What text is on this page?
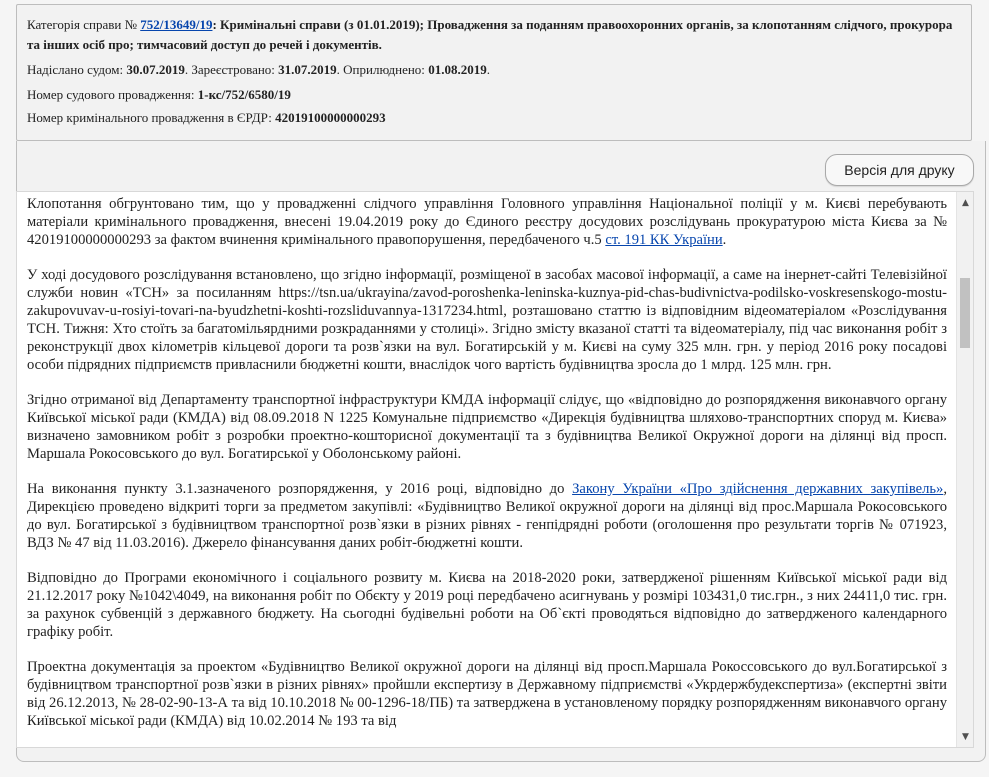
Категорія справи № 752/13649/19: Кримінальні справи (з 01.01.2019); Провадження за поданням правоохоронних органів, за клопотанням слідчого, прокурора та інших осіб про; тимчасовий доступ до речей і документів.
Надіслано судом: 30.07.2019. Зареєстровано: 31.07.2019. Оприлюднено: 01.08.2019.
Номер судового провадження: 1-кс/752/6580/19
Номер кримінального провадження в ЄРДР: 42019100000000293
Версія для друку

Клопотання обгрунтовано тим, що у провадженні слідчого управління Головного управління Національної поліції у м. Києві перебувають матеріали кримінального провадження, внесені 19.04.2019 року до Єдиного реєстру досудових розслідувань прокуратурою міста Києва за № 42019100000000293 за фактом вчинення кримінального правопорушення, передбаченого ч.5 ст. 191 КК України.

У ході досудового розслідування встановлено, що згідно інформації, розміщеної в засобах масової інформації, а саме на інернет-сайті Телевізійної служби новин «ТСН» за посиланням https://tsn.ua/ukrayina/zavod-poroshenka-leninska-kuznya-pid-chas-budivnictva-podilsko-voskresenskogo-mostu-zakupovuvav-u-rosiyi-tovari-na-byudzhetni-koshti-rozsliduvannya-1317234.html, розташовано статтю із відповідним відеоматеріалом «Розслідування ТСН. Тижня: Хто стоїть за багатомільярдними розкраданнями у столиці». Згідно змісту вказаної статті та відеоматеріалу, під час виконання робіт з реконструкції двох кілометрів кільцевої дороги та розв`язки на вул. Богатирській у м. Києві на суму 325 млн. грн. у період 2016 року посадові особи підрядних підприємств привласнили бюджетні кошти, внаслідок чого вартість будівництва зросла до 1 млрд. 125 млн. грн.

Згідно отриманої від Департаменту транспортної інфраструктури КМДА інформації слідує, що «відповідно до розпорядження виконавчого органу Київської міської ради (КМДА) від 08.09.2018 N 1225 Комунальне підприємство «Дирекція будівництва шляхово-транспортних споруд м. Києва» визначено замовником робіт з розробки проектно-кошторисної документації та з будівництва Великої Окружної дороги на ділянці від просп. Маршала Рокосовського до вул. Богатирської у Оболонському районі.

На виконання пункту 3.1.зазначеного розпорядження, у 2016 році, відповідно до Закону України «Про здійснення державних закупівель», Дирекцією проведено відкриті торги за предметом закупівлі: «Будівництво Великої окружної дороги на ділянці від прос.Маршала Рокосовського до вул. Богатирської з будівництвом транспортної розв`язки в різних рівнях - генпідрядні роботи (оголошення про результати торгів № 071923, ВДЗ № 47 від 11.03.2016). Джерело фінансування даних робіт-бюджетні кошти.

Відповідно до Програми економічного і соціального розвиту м. Києва на 2018-2020 роки, затвердженої рішенням Київської міської ради від 21.12.2017 року №1042\4049, на виконання робіт по Обєкту у 2019 році передбачено асигнувань у розмірі 103431,0 тис.грн., з них 24411,0 тис. грн. за рахунок субвенцій з державного бюджету. На сьогодні будівельні роботи на Об`єкті проводяться відповідно до затвердженого календарного графіку робіт.

Проектна документація за проектом «Будівництво Великої окружної дороги на ділянці від просп.Маршала Рокоссовського до вул.Богатирської з будівництвом транспортної розв`язки в різних рівнях» пройшли експертизу в Державному підприємстві «Укрдержбудекспертиза» (експертні звіти від 26.12.2013, № 28-02-90-13-А та від 10.10.2018 № 00-1296-18/ПБ) та затверджена в установленому порядку розпорядженням виконавчого органу Київської міської ради (КМДА) від 10.02.2014 № 193 та від

▲
▼
